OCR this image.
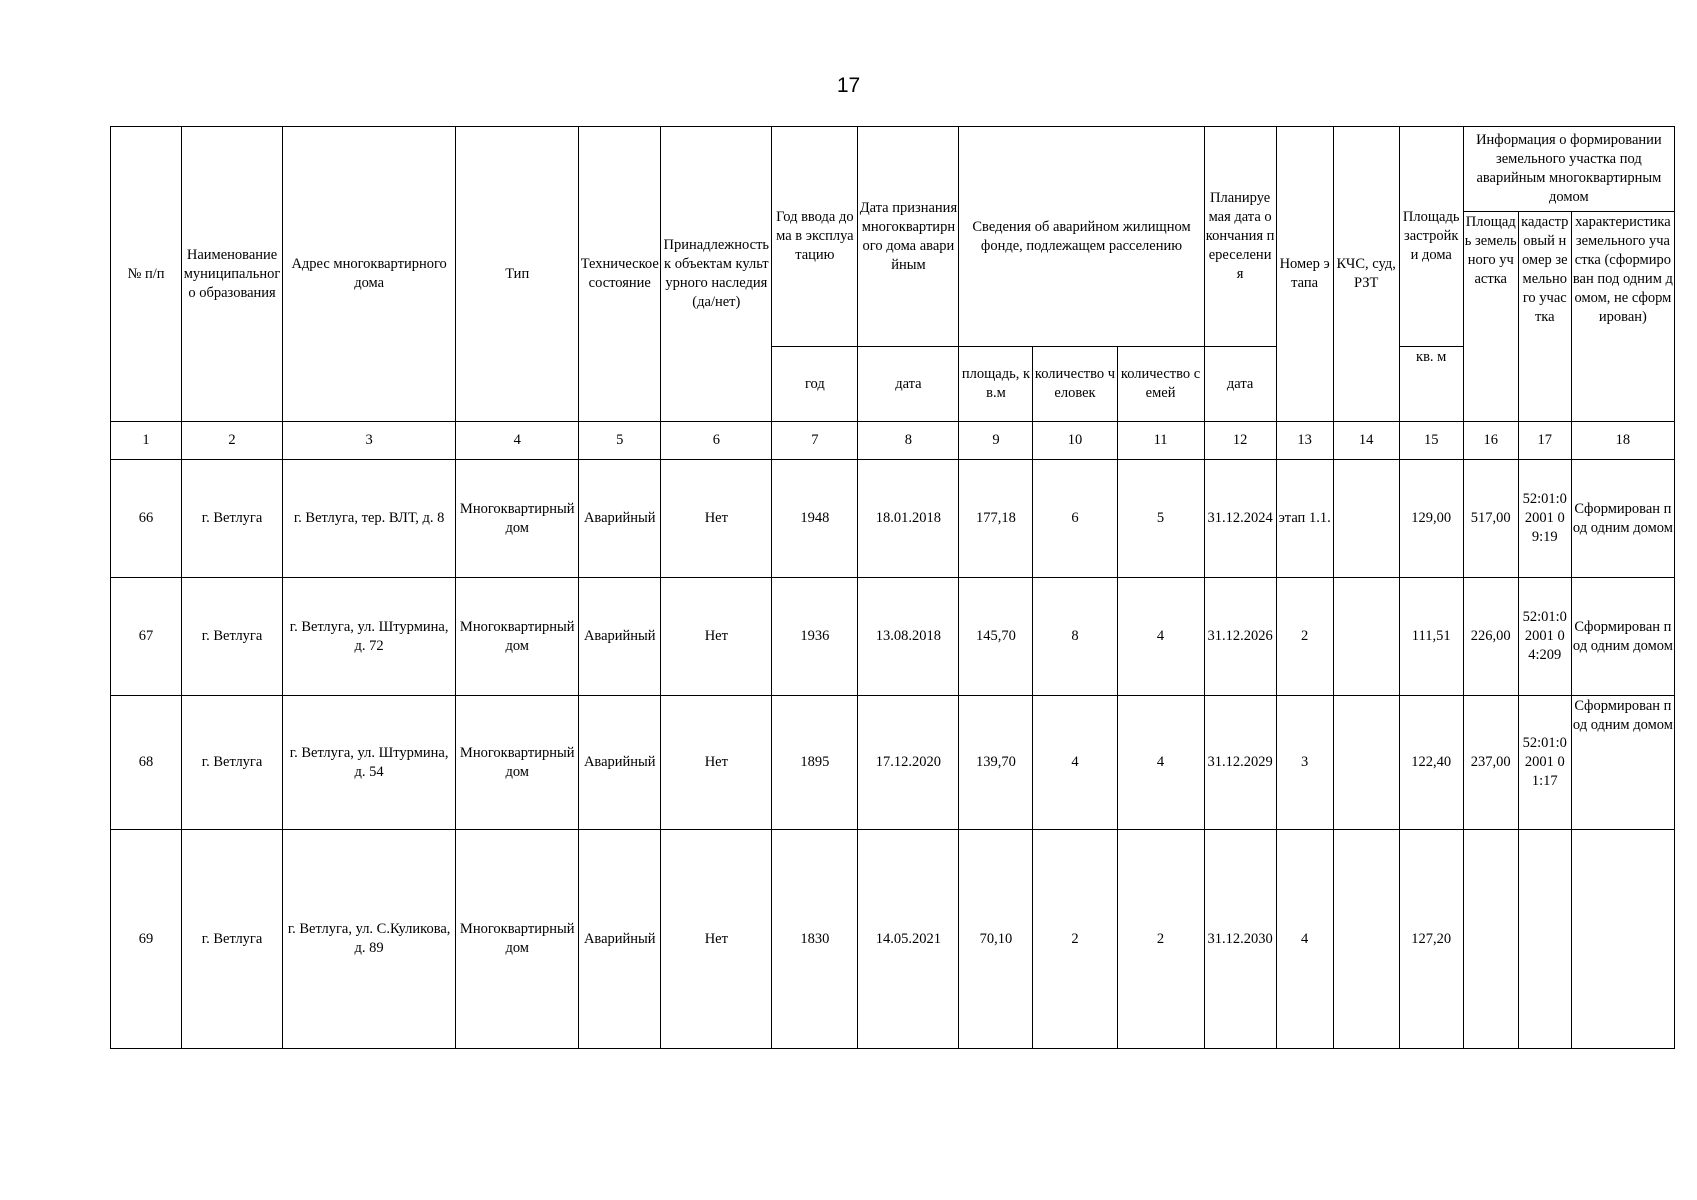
17
№ п/п	Наименование муниципального образования	Адрес многоквартирного дома	Тип	Техническое состояние	Принадлежность к объектам культурного наследия (да/нет)	Год ввода дома в эксплуатацию	Дата признания многоквартирного дома аварийным	Сведения об аварийном жилищном фонде, подлежащем расселению			Планируемая дата окончания переселения	Номер этапа	КЧС, суд, РЗТ	Площадь застройки дома	Информация о формировании земельного участка под аварийным многоквартирным домом		
															Площадь земельного участка	кадастровый номер земельного участка	характеристика земельного участка (сформирован под одним домом, не сформирован)
						год	дата	площадь, кв.м	количество человек	количество семей	дата			кв. м			
1	2	3	4	5	6	7	8	9	10	11	12	13	14	15	16	17	18
66	г. Ветлуга	г. Ветлуга, тер. ВЛТ, д. 8	Многоквартирный дом	Аварийный	Нет	1948	18.01.2018	177,18	6	5	31.12.2024	этап 1.1.		129,00	517,00	52:01:02001 09:19	Сформирован под одним домом
67	г. Ветлуга	г. Ветлуга, ул. Штурмина, д. 72	Многоквартирный дом	Аварийный	Нет	1936	13.08.2018	145,70	8	4	31.12.2026	2		111,51	226,00	52:01:02001 04:209	Сформирован под одним домом
68	г. Ветлуга	г. Ветлуга, ул. Штурмина, д. 54	Многоквартирный дом	Аварийный	Нет	1895	17.12.2020	139,70	4	4	31.12.2029	3		122,40	237,00	52:01:02001 01:17	Сформирован под одним домом
69	г. Ветлуга	г. Ветлуга, ул. С.Куликова, д. 89	Многоквартирный дом	Аварийный	Нет	1830	14.05.2021	70,10	2	2	31.12.2030	4		127,20			
